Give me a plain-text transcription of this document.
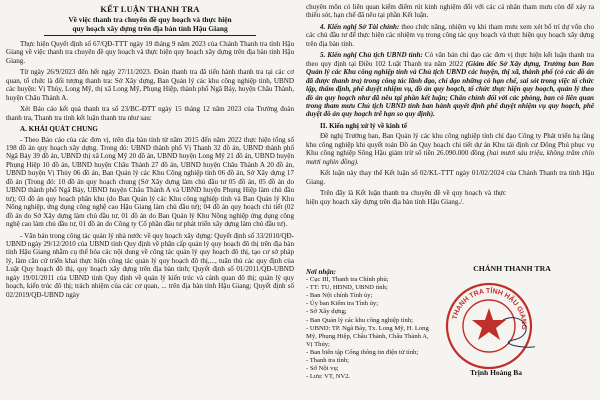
KẾT LUẬN THANH TRA
Về việc thanh tra chuyên đề quy hoạch và thực hiện
quy hoạch xây dựng trên địa bàn tỉnh Hậu Giang

Thực hiện Quyết định số 67/QĐ-TTT ngày 19 tháng 9 năm 2023 của Chánh Thanh tra tỉnh Hậu Giang về việc thanh tra chuyên đề quy hoạch và thực hiện quy hoạch xây dựng trên địa bàn tỉnh Hậu Giang.

Từ ngày 26/9/2023 đến hết ngày 27/11/2023. Đoàn thanh tra đã tiến hành thanh tra tại các cơ quan, tổ chức là đối tượng thanh tra: Sở Xây dựng, Ban Quản lý các khu công nghiệp tỉnh, UBND các huyện: Vị Thủy, Long Mỹ, thị xã Long Mỹ, Phụng Hiệp, thành phố Ngã Bảy, huyện Châu Thành, huyện Châu Thành A.

Xét Báo cáo kết quả thanh tra số 23/BC-ĐTT ngày 15 tháng 12 năm 2023 của Trưởng đoàn thanh tra, Thanh tra tỉnh kết luận thanh tra như sau:

A. KHÁI QUÁT CHUNG

- Theo Báo cáo của các đơn vị, trên địa bàn tỉnh từ năm 2015 đến năm 2022 thực hiện tổng số 198 đồ án quy hoạch xây dựng. Trong đó: UBND thành phố Vị Thanh 32 đồ án, UBND thành phố Ngã Bảy 39 đồ án, UBND thị xã Long Mỹ 20 đồ án, UBND huyện Long Mỹ 21 đồ án, UBND huyện Phụng Hiệp 10 đồ án, UBND huyện Châu Thành 27 đồ án, UBND huyện Châu Thành A 20 đồ án, UBND huyện Vị Thủy 06 đồ án, Ban Quản lý các Khu Công nghiệp tỉnh 06 đồ án, Sở Xây dựng 17 đồ án (Trong đó: 10 đồ án quy hoạch chung (Sở Xây dựng làm chủ đầu tư 05 đồ án, 05 đồ án do UBND thành phố Ngã Bảy, UBND huyện Châu Thành A và UBND huyện Phụng Hiệp làm chủ đầu tư); 03 đồ án quy hoạch phân khu (do Ban Quản lý các Khu công nghiệp tỉnh và Ban Quản lý Khu Nông nghiệp, ứng dụng công nghệ cao Hậu Giang làm chủ đầu tư); 04 đồ án quy hoạch chi tiết (02 đồ án do Sở Xây dựng làm chủ đầu tư, 01 đồ án do Ban Quản lý Khu Nông nghiệp ứng dụng công nghệ cao làm chủ đầu tư, 01 đồ án do Công ty Cổ phần đầu tư phát triển xây dựng làm chủ đầu tư).

- Văn bản trong công tác quản lý nhà nước về quy hoạch xây dựng: Quyết định số 33/2010/QĐ-UBND ngày 29/12/2010 của UBND tỉnh Quy định về phân cấp quản lý quy hoạch đô thị trên địa bàn tỉnh Hậu Giang nhằm cụ thể hóa các nội dung về công tác quản lý quy hoạch đô thị, tạo cơ sở pháp lý, làm căn cứ triển khai thực hiện công tác quản lý quy hoạch đô thị,..., tuân thủ các quy định của Luật Quy hoạch đô thị, quy hoạch xây dựng trên địa bàn tỉnh; Quyết định số 01/2011/QĐ-UBND ngày 19/01/2011 của UBND tỉnh Quy định về quản lý kiến trúc và cảnh quan đô thị; quản lý quy hoạch, kiến trúc đô thị; trách nhiệm của các cơ quan, ... trên địa bàn tỉnh Hậu Giang; Quyết định số 02/2019/QĐ-UBND ngày

chuyên môn có liên quan kiểm điểm rút kinh nghiệm đối với các cá nhân tham mưu còn để xảy ra thiếu sót, hạn chế đã nêu tại phần Kết luận.

4. Kiến nghị Sở Tài chính: theo chức năng, nhiệm vụ khi tham mưu xem xét bố trí dự vốn cho các chủ đầu tư để thực hiện các nhiệm vụ trong công tác quy hoạch và thực hiện quy hoạch xây dựng trên địa bàn tỉnh.

5. Kiến nghị Chủ tịch UBND tỉnh: Có văn bản chỉ đạo các đơn vị thực hiện kết luận thanh tra theo quy định tại Điều 102 Luật Thanh tra năm 2022 (Giám đốc Sở Xây dựng, Trưởng ban Ban Quản lý các Khu công nghiệp tỉnh và Chủ tịch UBND các huyện, thị xã, thành phố (có các đồ án đã được thanh tra) trong công tác lãnh đạo, chỉ đạo những có hạn chế, sai sót trong việc tổ chức lập, thẩm định, phê duyệt nhiệm vụ, đồ án quy hoạch, tổ chức thực hiện quy hoạch, quản lý theo đồ án quy hoạch như đã nêu tại phần kết luận; Chấn chỉnh đối với các phòng, ban có liên quan trong tham mưu Chủ tịch UBND tỉnh ban hành quyết định phê duyệt nhiệm vụ quy hoạch, phê duyệt đồ án quy hoạch trễ hạn so quy định).

II. Kiến nghị xử lý về kinh tế

Đề nghị Trưởng ban, Ban Quản lý các khu công nghiệp tỉnh chỉ đạo Công ty Phát triển hạ tầng khu công nghiệp khi quyết toán Đồ án Quy hoạch chi tiết dự án Khu tái định cư Đông Phú phục vụ Khu công nghiệp Sông Hậu giảm trừ số tiền 26.090.000 đồng (hai mươi sáu triệu, không trăm chín mươi nghìn đồng).

Kết luận này thay thế Kết luận số 02/KL-TTT ngày 01/02/2024 của Chánh Thanh tra tỉnh Hậu Giang.

Trên đây là Kết luận thanh tra chuyên đề về quy hoạch và thực hiện quy hoạch xây dựng trên địa bàn tỉnh Hậu Giang./.

Nơi nhận:
- Cục III, Thanh tra Chính phủ;
- TT: TU, HĐND, UBND tỉnh;
- Ban Nội chính Tỉnh ủy;
- Ủy ban Kiểm tra Tỉnh ủy;
- Sở Xây dựng;
- Ban Quản lý các khu công nghiệp tỉnh;
- UBND: TP. Ngã Bảy, Tx. Long Mỹ, H. Long Mỹ, Phụng Hiệp, Châu Thành, Châu Thành A, Vị Thủy;
- Ban biên tập Cổng thông tin điện tử tỉnh;
- Thanh tra tỉnh;
- Sở Nội vụ;
- Lưu: VT, NV2.
CHÁNH THANH TRA
THANH TRA TỈNH HẬU GIANG
Trịnh Hoàng Ba
